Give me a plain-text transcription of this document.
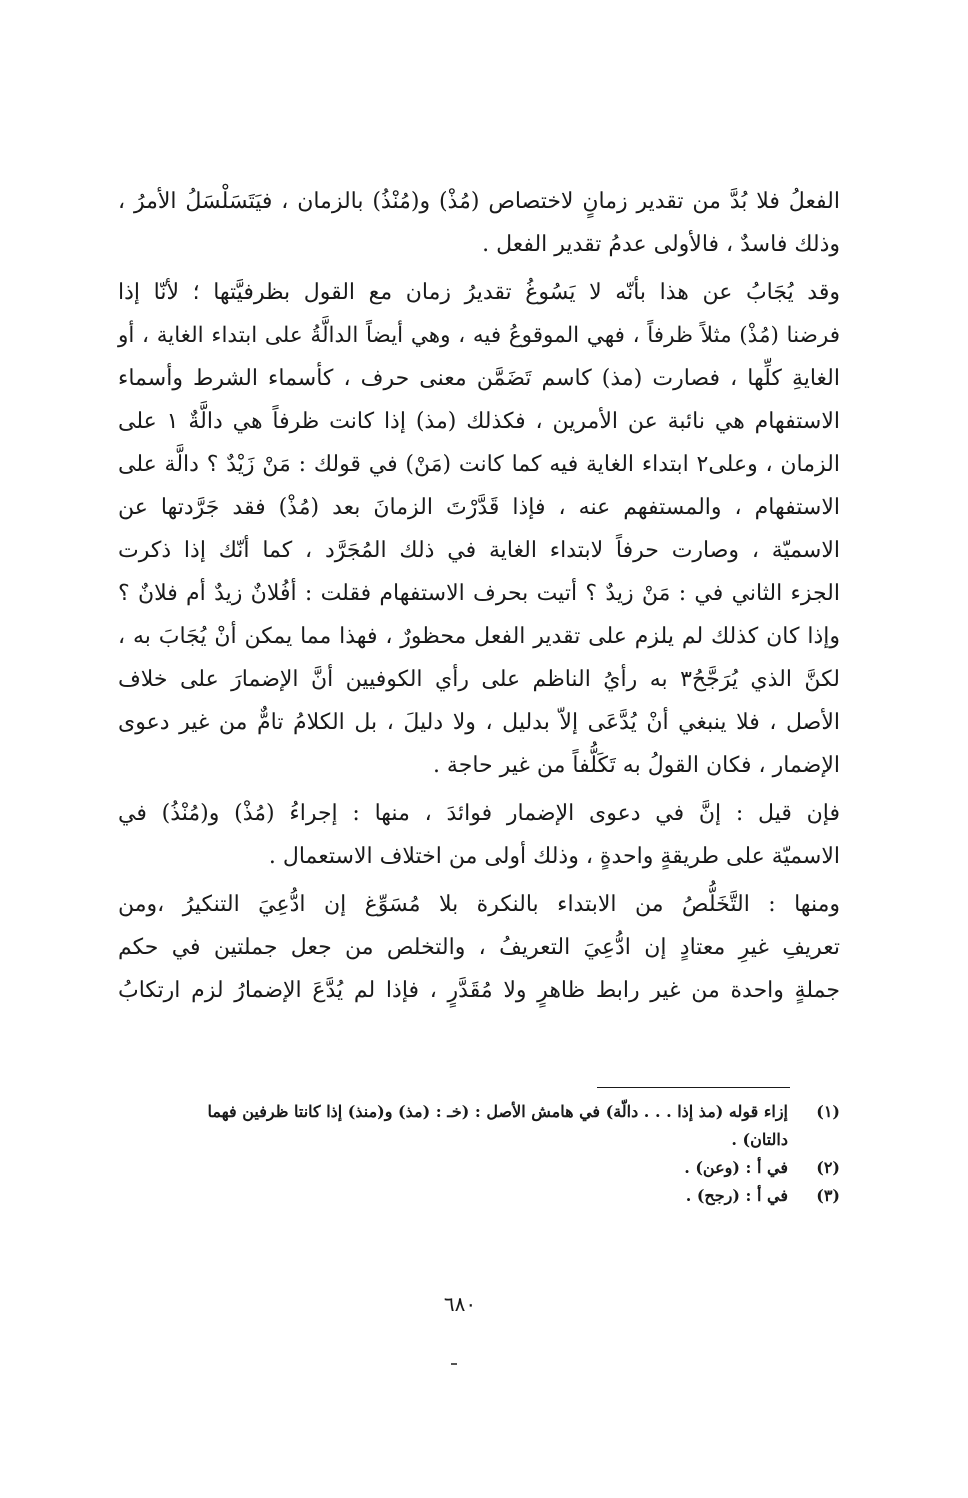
الفعلُ فلا بُدَّ من تقدير زمانٍ لاختصاص (مُذْ) و(مُنْذُ) بالزمان ، فيَتَسَلْسَلُ الأمرُ ،
وذلك فاسدٌ ، فالأولى عدمُ تقدير الفعل .
وقد يُجَابُ عن هذا بأنّه لا يَسُوغُ تقديرُ زمان مع القول بظرفيَّتها ؛ لأنّا إذا
فرضنا (مُذْ) مثلاً ظرفاً ، فهي الموقوعُ فيه ، وهي أيضاً الدالَّةُ على ابتداء الغاية ، أو
الغايةِ كلِّها ، فصارت (مذ) كاسم تَضَمَّن معنى حرف ، كأسماء الشرط وأسماء
الاستفهام هي نائبة عن الأمرين ، فكذلك (مذ) إذا كانت ظرفاً هي دالَّةٌ ١ على
الزمان ، وعلى٢ ابتداء الغاية فيه كما كانت (مَنْ) في قولك : مَنْ زَيْدٌ ؟ دالَّة على
الاستفهام ، والمستفهم عنه ، فإذا قَدَّرْتَ الزمانَ بعد (مُذْ) فقد جَرَّدتها عن
الاسميّة ، وصارت حرفاً لابتداء الغاية في ذلك المُجَرَّد ، كما أنّك إذا ذكرت
الجزء الثاني في : مَنْ زيدٌ ؟ أتيت بحرف الاستفهام فقلت : أفُلانٌ زيدٌ أم فلانٌ ؟
وإذا كان كذلك لم يلزم على تقدير الفعل محظورٌ ، فهذا مما يمكن أنْ يُجَابَ به ،
لكنَّ الذي يُرَجَّحُ٣ به رأيُ الناظم على رأي الكوفيين أنَّ الإضمارَ على خلاف
الأصل ، فلا ينبغي أنْ يُدَّعَى إلاّ بدليل ، ولا دليلَ ، بل الكلامُ تامٌّ من غير دعوى
الإضمار ، فكان القولُ به تَكَلُّفاً من غير حاجة .
فإن قيل : إنَّ في دعوى الإضمار فوائدَ ، منها : إجراءُ (مُذْ) و(مُنْذُ) في
الاسميّة على طريقةٍ واحدةٍ ، وذلك أولى من اختلاف الاستعمال .
ومنها : التَّخَلُّصُ من الابتداء بالنكرة بلا مُسَوِّغ إن ادُّعِيَ التنكيرُ ،ومن
تعريفِ غيرِ معتادٍ إن ادُّعِيَ التعريفُ ، والتخلص من جعل جملتين في حكم
جملةٍ واحدة من غير رابط ظاهرٍ ولا مُقَدَّرٍ ، فإذا لم يُدَّعَ الإضمارُ لزم ارتكابُ
(١)إزاء قوله (مذ إذا . . . دالّة) في هامش الأصل : (خـ : (مذ) و(منذ) إذا كانتا ظرفين فهما
دالتان) .
(٢)في أ : (وعن) .
(٣)في أ : (رجح) .
٦٨٠
